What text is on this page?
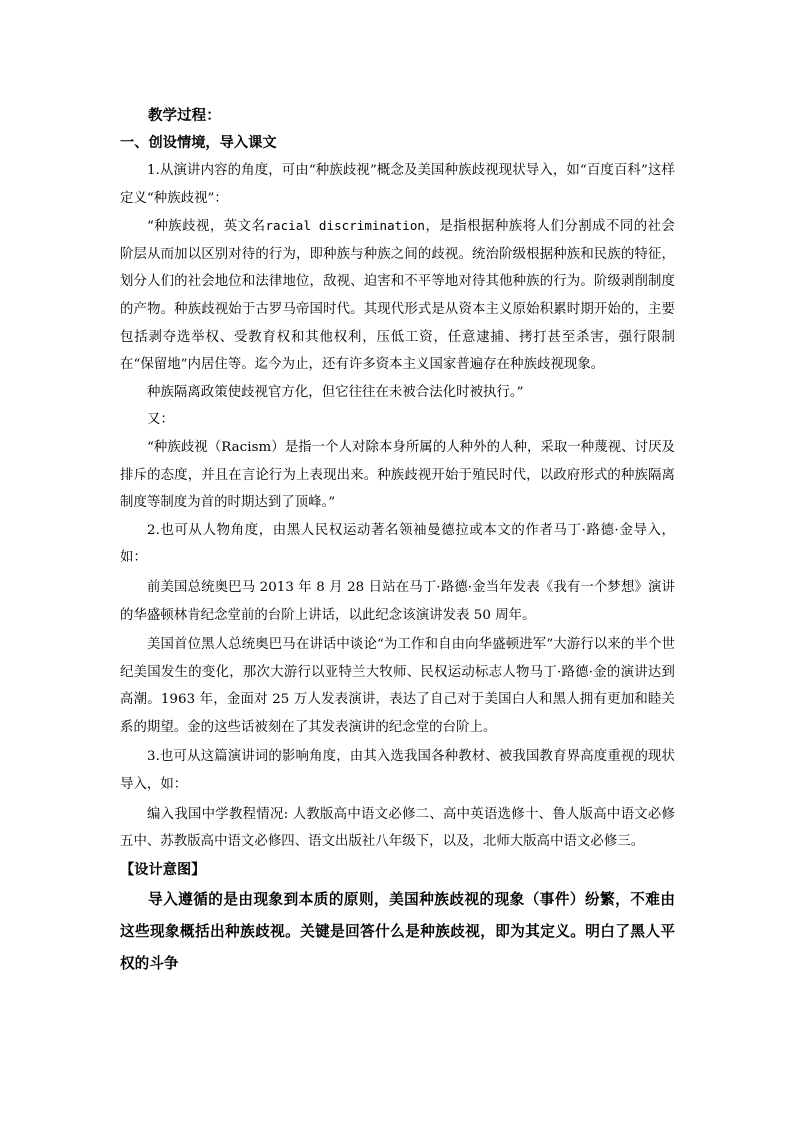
教学过程：

一、创设情境，导入课文

1.从演讲内容的角度，可由“种族歧视”概念及美国种族歧视现状导入，如“百度百科”这样定义“种族歧视”：

“种族歧视，英文名racial discrimination，是指根据种族将人们分割成不同的社会阶层从而加以区别对待的行为，即种族与种族之间的歧视。统治阶级根据种族和民族的特征，划分人们的社会地位和法律地位，敌视、迫害和不平等地对待其他种族的行为。阶级剥削制度的产物。种族歧视始于古罗马帝国时代。其现代形式是从资本主义原始积累时期开始的，主要包括剥夺选举权、受教育权和其他权利，压低工资，任意逮捕、拷打甚至杀害，强行限制在“保留地”内居住等。迄今为止，还有许多资本主义国家普遍存在种族歧视现象。

种族隔离政策使歧视官方化，但它往往在未被合法化时被执行。”

又：

“种族歧视（Racism）是指一个人对除本身所属的人种外的人种，采取一种蔑视、讨厌及排斥的态度，并且在言论行为上表现出来。种族歧视开始于殖民时代，以政府形式的种族隔离制度等制度为首的时期达到了顶峰。”

2.也可从人物角度，由黑人民权运动著名领袖曼德拉或本文的作者马丁·路德·金导入，如：

前美国总统奥巴马 2013 年 8 月 28 日站在马丁·路德·金当年发表《我有一个梦想》演讲的华盛顿林肯纪念堂前的台阶上讲话，以此纪念该演讲发表 50 周年。

美国首位黑人总统奥巴马在讲话中谈论“为工作和自由向华盛顿进军”大游行以来的半个世纪美国发生的变化，那次大游行以亚特兰大牧师、民权运动标志人物马丁·路德·金的演讲达到高潮。1963 年，金面对 25 万人发表演讲，表达了自己对于美国白人和黑人拥有更加和睦关系的期望。金的这些话被刻在了其发表演讲的纪念堂的台阶上。

3.也可从这篇演讲词的影响角度，由其入选我国各种教材、被我国教育界高度重视的现状导入，如：

编入我国中学教程情况: 人教版高中语文必修二、高中英语选修十、鲁人版高中语文必修五中、苏教版高中语文必修四、语文出版社八年级下，以及，北师大版高中语文必修三。

【设计意图】

导入遵循的是由现象到本质的原则，美国种族歧视的现象（事件）纷繁，不难由这些现象概括出种族歧视。关键是回答什么是种族歧视，即为其定义。明白了黑人平权的斗争
